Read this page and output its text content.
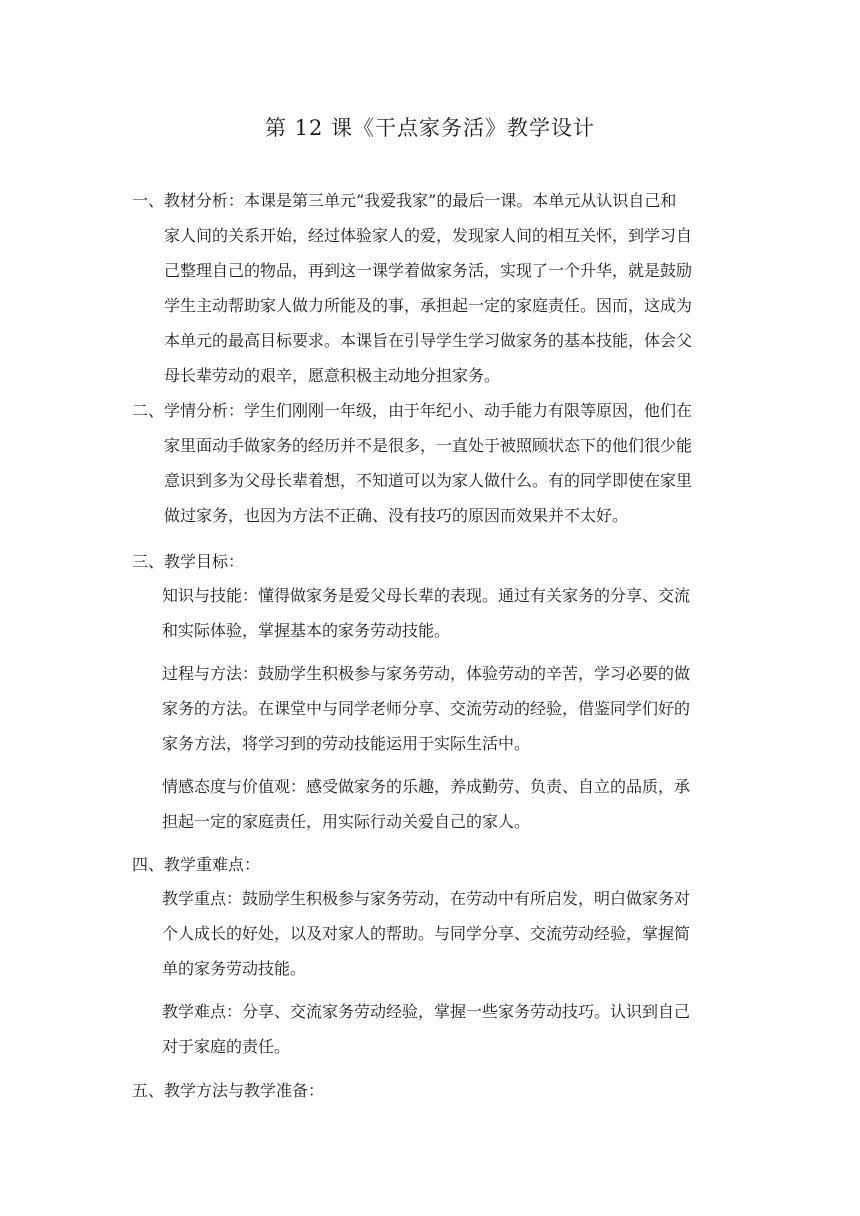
第 12 课《干点家务活》教学设计
一、 教材分析：本课是第三单元“我爱我家”的最后一课。本单元从认识自己和
家人间的关系开始，经过体验家人的爱，发现家人间的相互关怀，到学习自
己整理自己的物品，再到这一课学着做家务活，实现了一个升华，就是鼓励
学生主动帮助家人做力所能及的事，承担起一定的家庭责任。因而，这成为
本单元的最高目标要求。本课旨在引导学生学习做家务的基本技能，体会父
母长辈劳动的艰辛，愿意积极主动地分担家务。
二、 学情分析：学生们刚刚一年级，由于年纪小、动手能力有限等原因，他们在
家里面动手做家务的经历并不是很多，一直处于被照顾状态下的他们很少能
意识到多为父母长辈着想，不知道可以为家人做什么。有的同学即使在家里
做过家务，也因为方法不正确、没有技巧的原因而效果并不太好。
三、 教学目标：
知识与技能：懂得做家务是爱父母长辈的表现。通过有关家务的分享、交流
和实际体验，掌握基本的家务劳动技能。
过程与方法：鼓励学生积极参与家务劳动，体验劳动的辛苦，学习必要的做
家务的方法。在课堂中与同学老师分享、交流劳动的经验，借鉴同学们好的
家务方法，将学习到的劳动技能运用于实际生活中。
情感态度与价值观：感受做家务的乐趣，养成勤劳、负责、自立的品质，承
担起一定的家庭责任，用实际行动关爱自己的家人。
四、 教学重难点：
教学重点：鼓励学生积极参与家务劳动，在劳动中有所启发，明白做家务对
个人成长的好处，以及对家人的帮助。与同学分享、交流劳动经验，掌握简
单的家务劳动技能。
教学难点：分享、交流家务劳动经验，掌握一些家务劳动技巧。认识到自己
对于家庭的责任。
五、 教学方法与教学准备：
